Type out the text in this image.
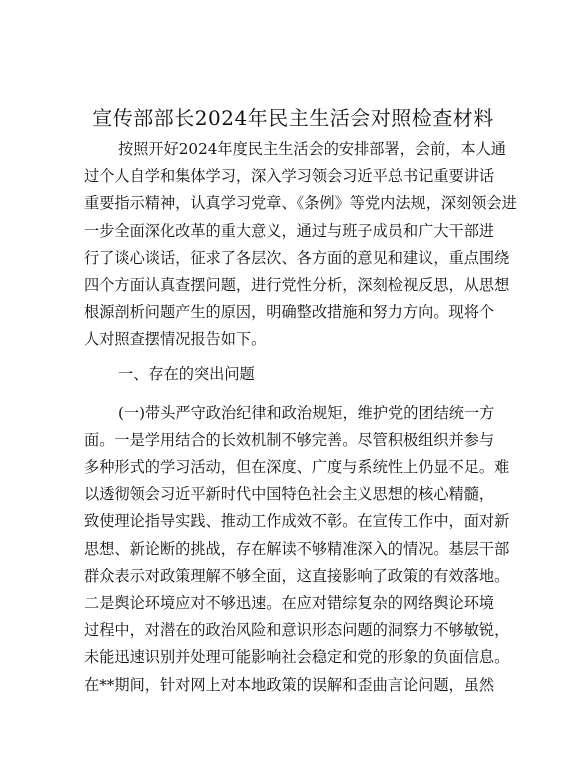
宣传部部长2024年民主生活会对照检查材料
按照开好2024年度民主生活会的安排部署，会前，本人通
过个人自学和集体学习，深入学习领会习近平总书记重要讲话
重要指示精神，认真学习党章、《条例》等党内法规，深刻领会进
一步全面深化改革的重大意义，通过与班子成员和广大干部进
行了谈心谈话，征求了各层次、各方面的意见和建议，重点围绕
四个方面认真查摆问题，进行党性分析，深刻检视反思，从思想
根源剖析问题产生的原因，明确整改措施和努力方向。现将个
人对照查摆情况报告如下。
一、存在的突出问题
(一)带头严守政治纪律和政治规矩，维护党的团结统一方
面。一是学用结合的长效机制不够完善。尽管积极组织并参与
多种形式的学习活动，但在深度、广度与系统性上仍显不足。难
以透彻领会习近平新时代中国特色社会主义思想的核心精髓，
致使理论指导实践、推动工作成效不彰。在宣传工作中，面对新
思想、新论断的挑战，存在解读不够精准深入的情况。基层干部
群众表示对政策理解不够全面，这直接影响了政策的有效落地。
二是舆论环境应对不够迅速。在应对错综复杂的网络舆论环境
过程中，对潜在的政治风险和意识形态问题的洞察力不够敏锐，
未能迅速识别并处理可能影响社会稳定和党的形象的负面信息。
在**期间，针对网上对本地政策的误解和歪曲言论问题，虽然
